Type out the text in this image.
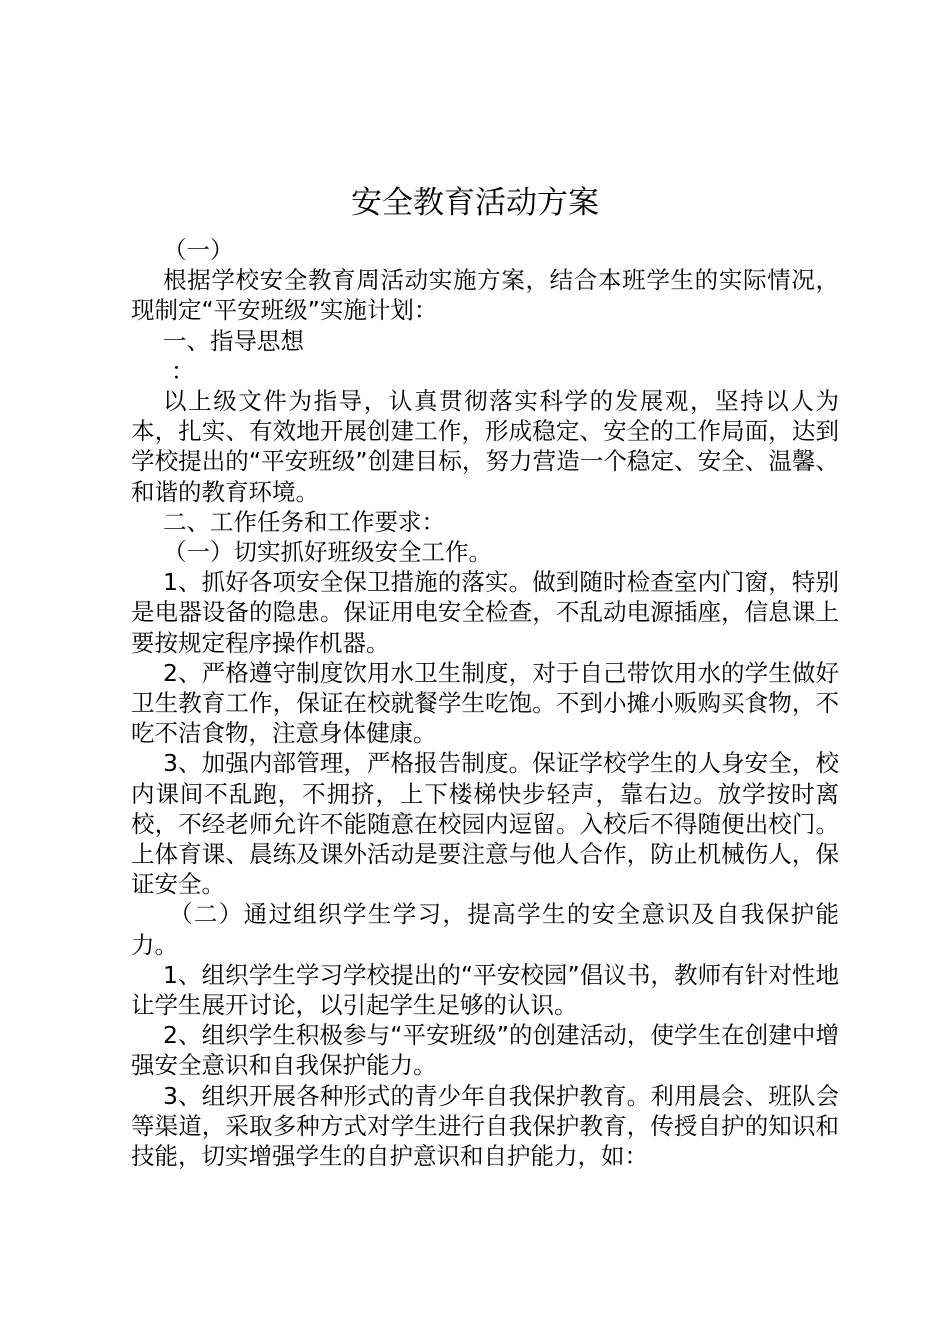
安全教育活动方案

（一）

根据学校安全教育周活动实施方案，结合本班学生的实际情况，现制定“平安班级”实施计划：

一、指导思想

：

以上级文件为指导，认真贯彻落实科学的发展观，坚持以人为本，扎实、有效地开展创建工作，形成稳定、安全的工作局面，达到学校提出的“平安班级”创建目标，努力营造一个稳定、安全、温馨、和谐的教育环境。

二、工作任务和工作要求：

（一）切实抓好班级安全工作。

1、抓好各项安全保卫措施的落实。做到随时检查室内门窗，特别是电器设备的隐患。保证用电安全检查，不乱动电源插座，信息课上要按规定程序操作机器。

2、严格遵守制度饮用水卫生制度，对于自己带饮用水的学生做好卫生教育工作，保证在校就餐学生吃饱。不到小摊小贩购买食物，不吃不洁食物，注意身体健康。

3、加强内部管理，严格报告制度。保证学校学生的人身安全，校内课间不乱跑，不拥挤，上下楼梯快步轻声，靠右边。放学按时离校，不经老师允许不能随意在校园内逗留。入校后不得随便出校门。上体育课、晨练及课外活动是要注意与他人合作，防止机械伤人，保证安全。

（二）通过组织学生学习，提高学生的安全意识及自我保护能力。

1、组织学生学习学校提出的“平安校园”倡议书，教师有针对性地让学生展开讨论，以引起学生足够的认识。

2、组织学生积极参与“平安班级”的创建活动，使学生在创建中增强安全意识和自我保护能力。

3、组织开展各种形式的青少年自我保护教育。利用晨会、班队会等渠道，采取多种方式对学生进行自我保护教育，传授自护的知识和技能，切实增强学生的自护意识和自护能力，如：
